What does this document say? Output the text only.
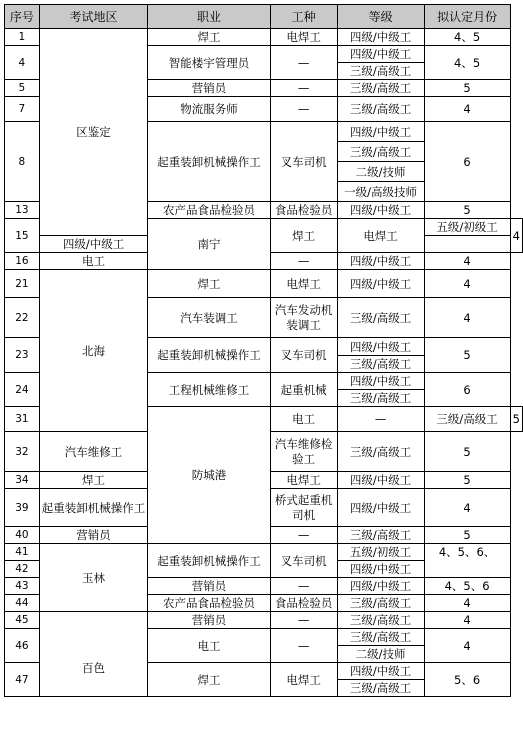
序号	考试地区	职业	工种	等级	拟认定月份	
1	区鉴定	焊工	电焊工	四级/中级工	4、5	
4		智能楼宇管理员	—	四级/中级工	4、5	
				三级/高级工		
5		营销员	—	三级/高级工	5	
7		物流服务师	—	三级/高级工	4	
8		起重装卸机械操作工	叉车司机	四级/中级工	6	
				三级/高级工		
				二级/技师		
				一级/高级技师		
13		农产品食品检验员	食品检验员	四级/中级工	5	
15		南宁	焊工	电焊工	五级/初级工	4
	四级/中级工					
16	电工		—	四级/中级工	4	
21	北海	焊工	电焊工	四级/中级工	4	
22		汽车装调工	汽车发动机装调工	三级/高级工	4	
23		起重装卸机械操作工	叉车司机	四级/中级工	5	
				三级/高级工		
24		工程机械维修工	起重机械	四级/中级工	6	
				三级/高级工		
31		防城港	电工	—	三级/高级工	5
32	汽车维修工		汽车维修检验工	三级/高级工	5	
34	焊工		电焊工	四级/中级工	5	
39	起重装卸机械操作工		桥式起重机司机	四级/中级工	4	
40	营销员		—	三级/高级工	5	
41	玉林	起重装卸机械操作工	叉车司机	五级/初级工	4、5、6、	
42				四级/中级工		
43		营销员	—	四级/中级工	4、5、6	
44		农产品食品检验员	食品检验员	三级/高级工	4	
45	百色	营销员	—	三级/高级工	4	
46		电工	—	三级/高级工	4	
				二级/技师		
47		焊工	电焊工	四级/中级工	5、6	
				三级/高级工		
